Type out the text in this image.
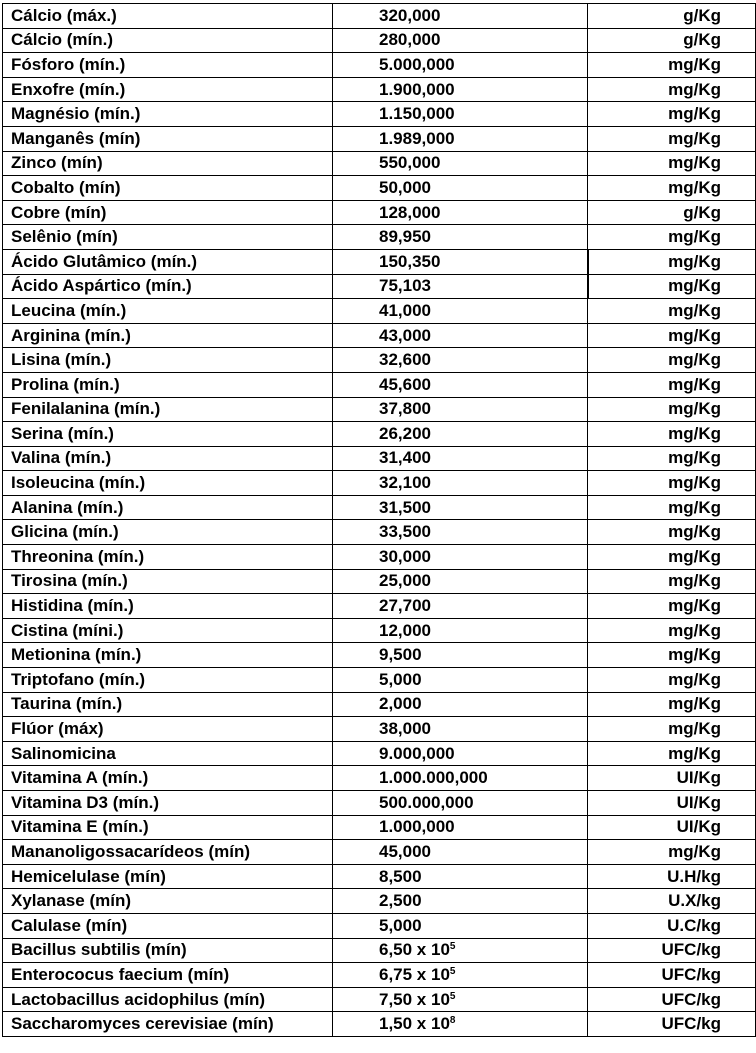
Cálcio (máx.)	320,000	g/Kg
Cálcio (mín.)	280,000	g/Kg
Fósforo (mín.)	5.000,000	mg/Kg
Enxofre (mín.)	1.900,000	mg/Kg
Magnésio (mín.)	1.150,000	mg/Kg
Manganês (mín)	1.989,000	mg/Kg
Zinco (mín)	550,000	mg/Kg
Cobalto (mín)	50,000	mg/Kg
Cobre (mín)	128,000	g/Kg
Selênio (mín)	89,950	mg/Kg
Ácido Glutâmico (mín.)	150,350	mg/Kg
Ácido Aspártico (mín.)	75,103	mg/Kg
Leucina (mín.)	41,000	mg/Kg
Arginina (mín.)	43,000	mg/Kg
Lisina (mín.)	32,600	mg/Kg
Prolina (mín.)	45,600	mg/Kg
Fenilalanina (mín.)	37,800	mg/Kg
Serina (mín.)	26,200	mg/Kg
Valina (mín.)	31,400	mg/Kg
Isoleucina (mín.)	32,100	mg/Kg
Alanina (mín.)	31,500	mg/Kg
Glicina (mín.)	33,500	mg/Kg
Threonina (mín.)	30,000	mg/Kg
Tirosina (mín.)	25,000	mg/Kg
Histidina (mín.)	27,700	mg/Kg
Cistina (míni.)	12,000	mg/Kg
Metionina (mín.)	9,500	mg/Kg
Triptofano (mín.)	5,000	mg/Kg
Taurina (mín.)	2,000	mg/Kg
Flúor (máx)	38,000	mg/Kg
Salinomicina	9.000,000	mg/Kg
Vitamina A (mín.)	1.000.000,000	UI/Kg
Vitamina D3 (mín.)	500.000,000	UI/Kg
Vitamina E (mín.)	1.000,000	UI/Kg
Mananoligossacarídeos (mín)	45,000	mg/Kg
Hemicelulase (mín)	8,500	U.H/kg
Xylanase (mín)	2,500	U.X/kg
Calulase (mín)	5,000	U.C/kg
Bacillus subtilis (mín)	6,50 x $10^5$	UFC/kg
Enterococus faecium (mín)	6,75 x $10^5$	UFC/kg
Lactobacillus acidophilus (mín)	7,50 x $10^5$	UFC/kg
Saccharomyces cerevisiae (mín)	1,50 x $10^8$	UFC/kg
